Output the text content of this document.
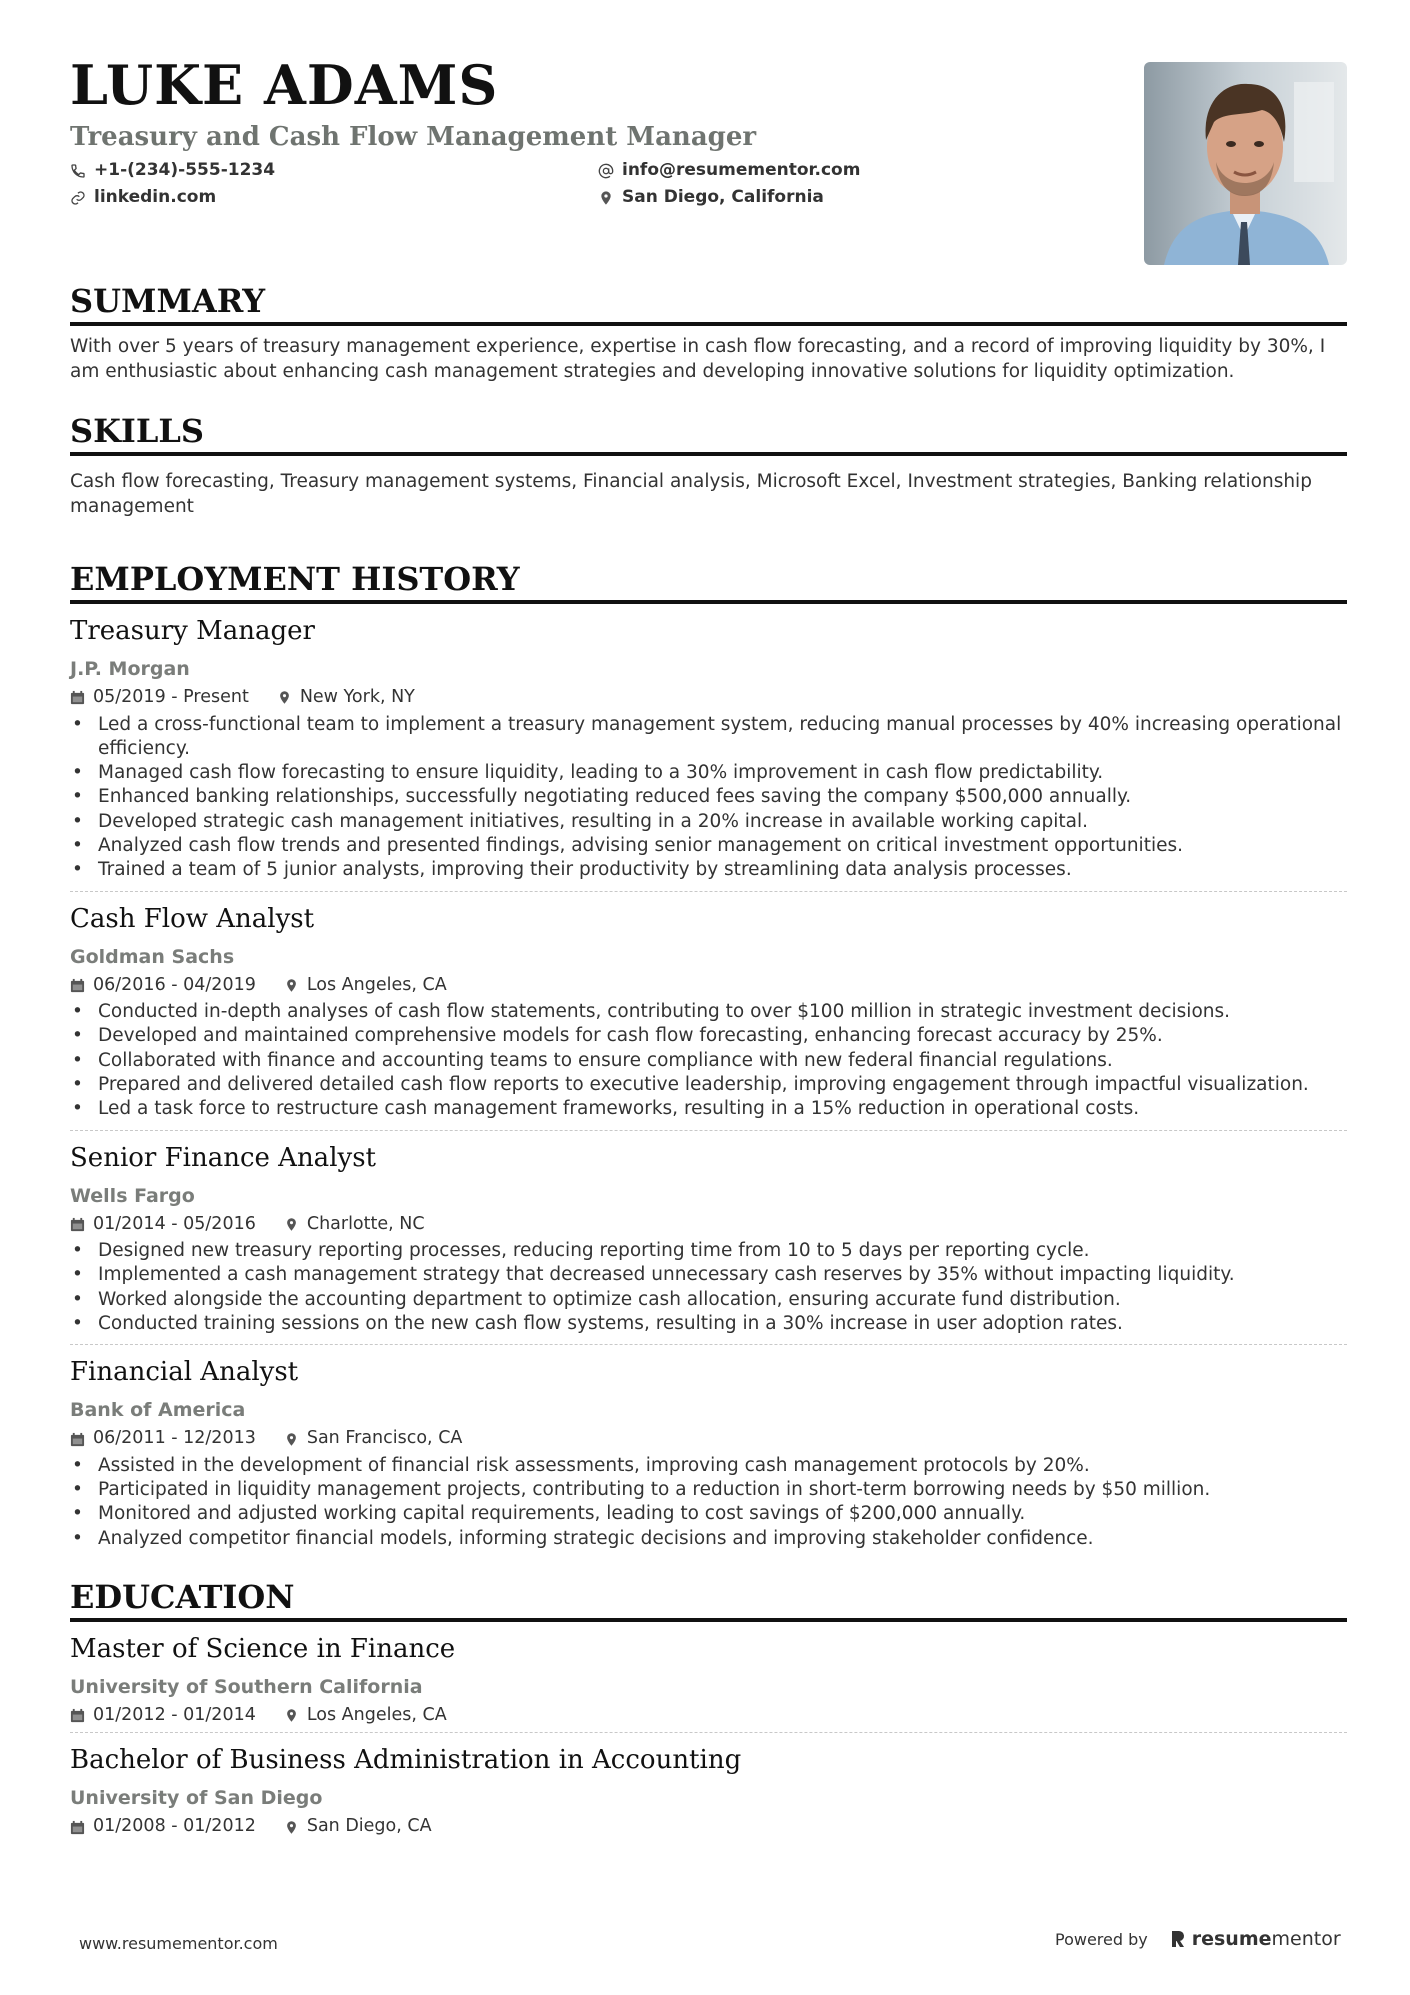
LUKE ADAMS
Treasury and Cash Flow Management Manager
+1-(234)-555-1234	info@resumementor.com
linkedin.com	San Diego, California
SUMMARY
With over 5 years of treasury management experience, expertise in cash flow forecasting, and a record of improving liquidity by 30%, I am enthusiastic about enhancing cash management strategies and developing innovative solutions for liquidity optimization.
SKILLS
Cash flow forecasting, Treasury management systems, Financial analysis, Microsoft Excel, Investment strategies, Banking relationship management
EMPLOYMENT HISTORY
Treasury Manager
J.P. Morgan
05/2019 - Present	New York, NY
• Led a cross-functional team to implement a treasury management system, reducing manual processes by 40% increasing operational efficiency.
• Managed cash flow forecasting to ensure liquidity, leading to a 30% improvement in cash flow predictability.
• Enhanced banking relationships, successfully negotiating reduced fees saving the company $500,000 annually.
• Developed strategic cash management initiatives, resulting in a 20% increase in available working capital.
• Analyzed cash flow trends and presented findings, advising senior management on critical investment opportunities.
• Trained a team of 5 junior analysts, improving their productivity by streamlining data analysis processes.
Cash Flow Analyst
Goldman Sachs
06/2016 - 04/2019	Los Angeles, CA
• Conducted in-depth analyses of cash flow statements, contributing to over $100 million in strategic investment decisions.
• Developed and maintained comprehensive models for cash flow forecasting, enhancing forecast accuracy by 25%.
• Collaborated with finance and accounting teams to ensure compliance with new federal financial regulations.
• Prepared and delivered detailed cash flow reports to executive leadership, improving engagement through impactful visualization.
• Led a task force to restructure cash management frameworks, resulting in a 15% reduction in operational costs.
Senior Finance Analyst
Wells Fargo
01/2014 - 05/2016	Charlotte, NC
• Designed new treasury reporting processes, reducing reporting time from 10 to 5 days per reporting cycle.
• Implemented a cash management strategy that decreased unnecessary cash reserves by 35% without impacting liquidity.
• Worked alongside the accounting department to optimize cash allocation, ensuring accurate fund distribution.
• Conducted training sessions on the new cash flow systems, resulting in a 30% increase in user adoption rates.
Financial Analyst
Bank of America
06/2011 - 12/2013	San Francisco, CA
• Assisted in the development of financial risk assessments, improving cash management protocols by 20%.
• Participated in liquidity management projects, contributing to a reduction in short-term borrowing needs by $50 million.
• Monitored and adjusted working capital requirements, leading to cost savings of $200,000 annually.
• Analyzed competitor financial models, informing strategic decisions and improving stakeholder confidence.
EDUCATION
Master of Science in Finance
University of Southern California
01/2012 - 01/2014	Los Angeles, CA
Bachelor of Business Administration in Accounting
University of San Diego
01/2008 - 01/2012	San Diego, CA
www.resumementor.com	Powered by resumementor
